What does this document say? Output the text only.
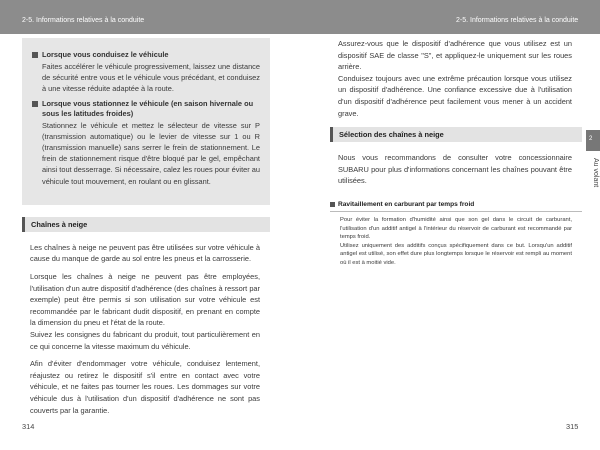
2-5. Informations relatives à la conduite	2-5. Informations relatives à la conduite
Lorsque vous conduisez le véhicule
Faites accélérer le véhicule progressivement, laissez une distance de sécurité entre vous et le véhicule vous précédant, et conduisez à une vitesse réduite adaptée à la route.
Lorsque vous stationnez le véhicule (en saison hivernale ou sous les latitudes froides)
Stationnez le véhicule et mettez le sélecteur de vitesse sur P (transmission automatique) ou le levier de vitesse sur 1 ou R (transmission manuelle) sans serrer le frein de stationnement. Le frein de stationnement risque d'être bloqué par le gel, empêchant ainsi tout desserrage. Si nécessaire, calez les roues pour éviter au véhicule tout mouvement, en roulant ou en glissant.
Chaînes à neige

Les chaînes à neige ne peuvent pas être utilisées sur votre véhicule à cause du manque de garde au sol entre les pneus et la carrosserie.

Lorsque les chaînes à neige ne peuvent pas être employées, l'utilisation d'un autre dispositif d'adhérence (des chaînes à ressort par exemple) peut être permis si son utilisation sur votre véhicule est recommandée par le fabricant dudit dispositif, en prenant en compte la dimension du pneu et l'état de la route.
Suivez les consignes du fabricant du produit, tout particulièrement en ce qui concerne la vitesse maximum du véhicule.

Afin d'éviter d'endommager votre véhicule, conduisez lentement, réajustez ou retirez le dispositif s'il entre en contact avec votre véhicule, et ne faites pas tourner les roues. Les dommages sur votre véhicule dus à l'utilisation d'un dispositif d'adhérence ne sont pas couverts par la garantie.

Assurez-vous que le dispositif d'adhérence que vous utilisez est un dispositif SAE de classe "S", et appliquez-le uniquement sur les roues arrière.

Conduisez toujours avec une extrême précaution lorsque vous utilisez un dispositif d'adhérence. Une confiance excessive due à l'utilisation d'un dispositif d'adhérence peut facilement vous mener à un accident grave.

Sélection des chaînes à neige

Nous vous recommandons de consulter votre concessionnaire SUBARU pour plus d'informations concernant les chaînes pouvant être utilisées.

Ravitaillement en carburant par temps froid

Pour éviter la formation d'humidité ainsi que son gel dans le circuit de carburant, l'utilisation d'un additif antigel à l'intérieur du réservoir de carburant est recommandé par temps froid.

Utilisez uniquement des additifs conçus spécifiquement dans ce but. Lorsqu'un additif antigel est utilisé, son effet dure plus longtemps lorsque le réservoir est rempli au moment où il est à moitié vide.

2
Au volant
314	315
